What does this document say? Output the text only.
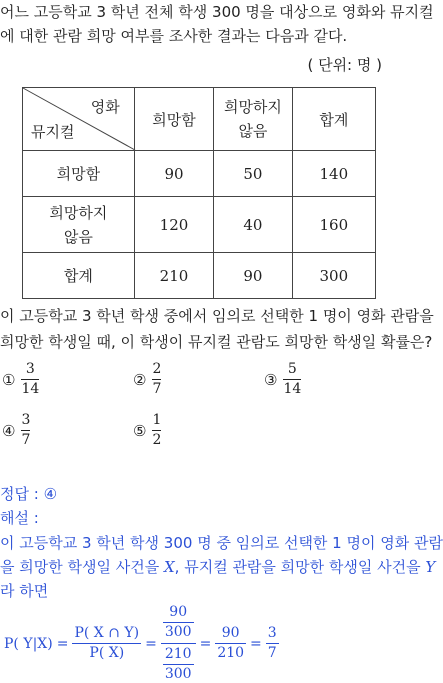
어느 고등학교 3 학년 전체 학생 300 명을 대상으로 영화와 뮤지컬
에 대한 관람 희망 여부를 조사한 결과는 다음과 같다.
( 단위: 명 )
영화
뮤지컬	희망함	희망하지 않음	합계
희망함	90	50	140
희망하지 않음	120	40	160
합계	210	90	300
이 고등학교 3 학년 학생 중에서 임의로 선택한 1 명이 영화 관람을
희망한 학생일 때, 이 학생이 뮤지컬 관람도 희망한 학생일 확률은?
① $\frac{3}{14}$	② $\frac{2}{7}$	③ $\frac{5}{14}$
④ $\frac{3}{7}$	⑤ $\frac{1}{2}$
정답 : ④
해설 :
이 고등학교 3 학년 학생 300 명 중 임의로 선택한 1 명이 영화 관람
을 희망한 학생일 사건을 X, 뮤지컬 관람을 희망한 학생일 사건을 Y
라 하면
P( $Y|X) = \frac{P( X \cap Y)}{P( X)} = \frac{\frac{90}{300}}{\frac{210}{300}} = \frac{90}{210} = \frac{3}{7}$
